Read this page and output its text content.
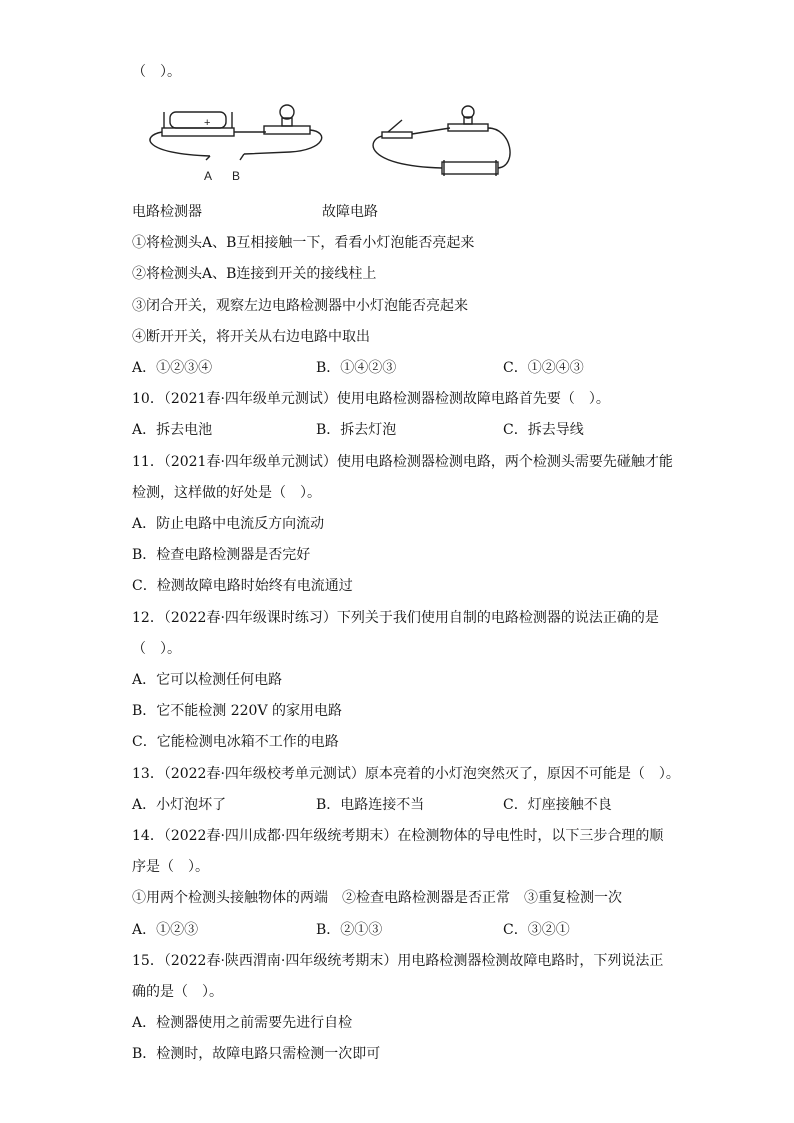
（　）。
A B
+
电路检测器	故障电路
①将检测头A、B互相接触一下，看看小灯泡能否亮起来
②将检测头A、B连接到开关的接线柱上
③闭合开关，观察左边电路检测器中小灯泡能否亮起来
④断开开关，将开关从右边电路中取出
A．①②③④	B．①④②③	C．①②④③
10．（2021春·四年级单元测试）使用电路检测器检测故障电路首先要（　）。
A．拆去电池	B．拆去灯泡	C．拆去导线
11．（2021春·四年级单元测试）使用电路检测器检测电路，两个检测头需要先碰触才能
检测，这样做的好处是（　）。
A．防止电路中电流反方向流动
B．检查电路检测器是否完好
C．检测故障电路时始终有电流通过
12．（2022春·四年级课时练习）下列关于我们使用自制的电路检测器的说法正确的是
（　）。
A．它可以检测任何电路
B．它不能检测 220V 的家用电路
C．它能检测电冰箱不工作的电路
13．（2022春·四年级校考单元测试）原本亮着的小灯泡突然灭了，原因不可能是（　）。
A．小灯泡坏了	B．电路连接不当	C．灯座接触不良
14．（2022春·四川成都·四年级统考期末）在检测物体的导电性时，以下三步合理的顺
序是（　）。
①用两个检测头接触物体的两端　②检查电路检测器是否正常　③重复检测一次
A．①②③	B．②①③	C．③②①
15．（2022春·陕西渭南·四年级统考期末）用电路检测器检测故障电路时，下列说法正
确的是（　）。
A．检测器使用之前需要先进行自检
B．检测时，故障电路只需检测一次即可
